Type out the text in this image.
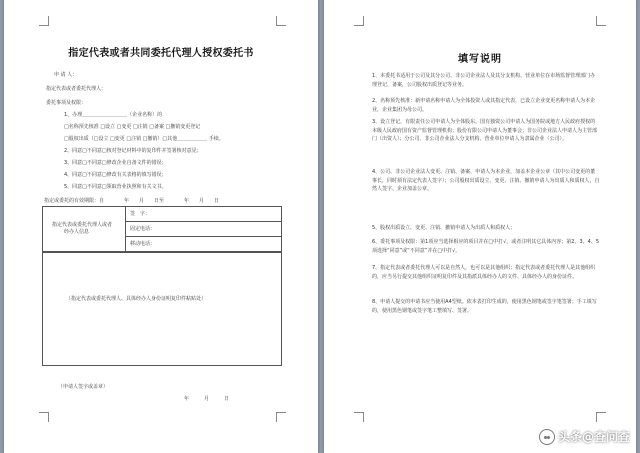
指定代表或者共同委托代理人授权委托书
申 请 人：
指定代表或者委托代理人：
委托事项及权限：
1、办理＿＿＿＿＿＿＿＿＿（企业名称）的
□名称预先核准 □设立 □变更 □注销 □备案 □撤销变更登记
□股权出质（□设立 □变更 □注销 □撤销）□其他＿＿＿＿＿＿ 手续。
2、同意□不同意□核对登记材料中的复印件并签署核对意见；
3、同意□不同意□修改企业自备文件的错误；
4、同意□不同意□修改有关表格的填写错误；
5、同意□不同意□领取营业执照和有关文书。
指定或委托的有效期限：自　　　　年　　月　　日至　　　　年　　月　　日
指定代表或委托代理人或者
经办人信息
签　字：
固定电话：
移动电话：
（指定代表或委托代理人、具体经办人身份证明复印件粘贴处）
（申请人签字或盖章）
年　　　月　　　日
填写说明
1、本委托书适用于公司及其分公司、非公司企业法人及其分支机构、营业单位在市场监督管理部门办理登记、备案，公司股权出质登记等业务。
2、名称预先核准：新申请名称申请人为全体投资人或其指定代表，已设立企业变更名称申请人为本企业，企业集团为母公司。
3、设立登记，有限责任公司申请人为全体股东，国有独资公司申请人为国务院或地方人民政府授权的本级人民政府国有资产监督管理机构；股份有限公司申请人为董事会；非公司企业法人申请人为主管部门（出资人）；分公司、非公司企业法人分支机构、营业单位申请人为隶属企业（公司）。
4、公司、非公司企业法人变更、注销、备案，申请人为本企业，加盖本企业公章（其中公司变更的董事长，同时须有法定代表人签字）；公司股权出质设立、变更、注销、撤销申请人为出质人和质权人，自然人签字、企业加盖公章。
5、股权出质设立、变更、注销、撤销申请人为出质人和质权人；
6、委托事项及权限：第1项应当选择相应的项目并在□中打√，或者注明其它具体内容；第2、3、4、5项选择“同意”或“不同意”并在□中打√。
7、指定代表或者委托代理人可以是自然人，也可以是其他组织；指定代表或者委托代理人是其他组织的，应当另行提交其他组织证明复印件及其指派具体经办人的文件、具体经办人的身份证件。
8、申请人提交的申请书应当使用A4型纸。依本表打印生成的，使用黑色钢笔或签字笔签署；手工填写的，使用黑色钢笔或签字笔工整填写、签署。
头条@查问查
